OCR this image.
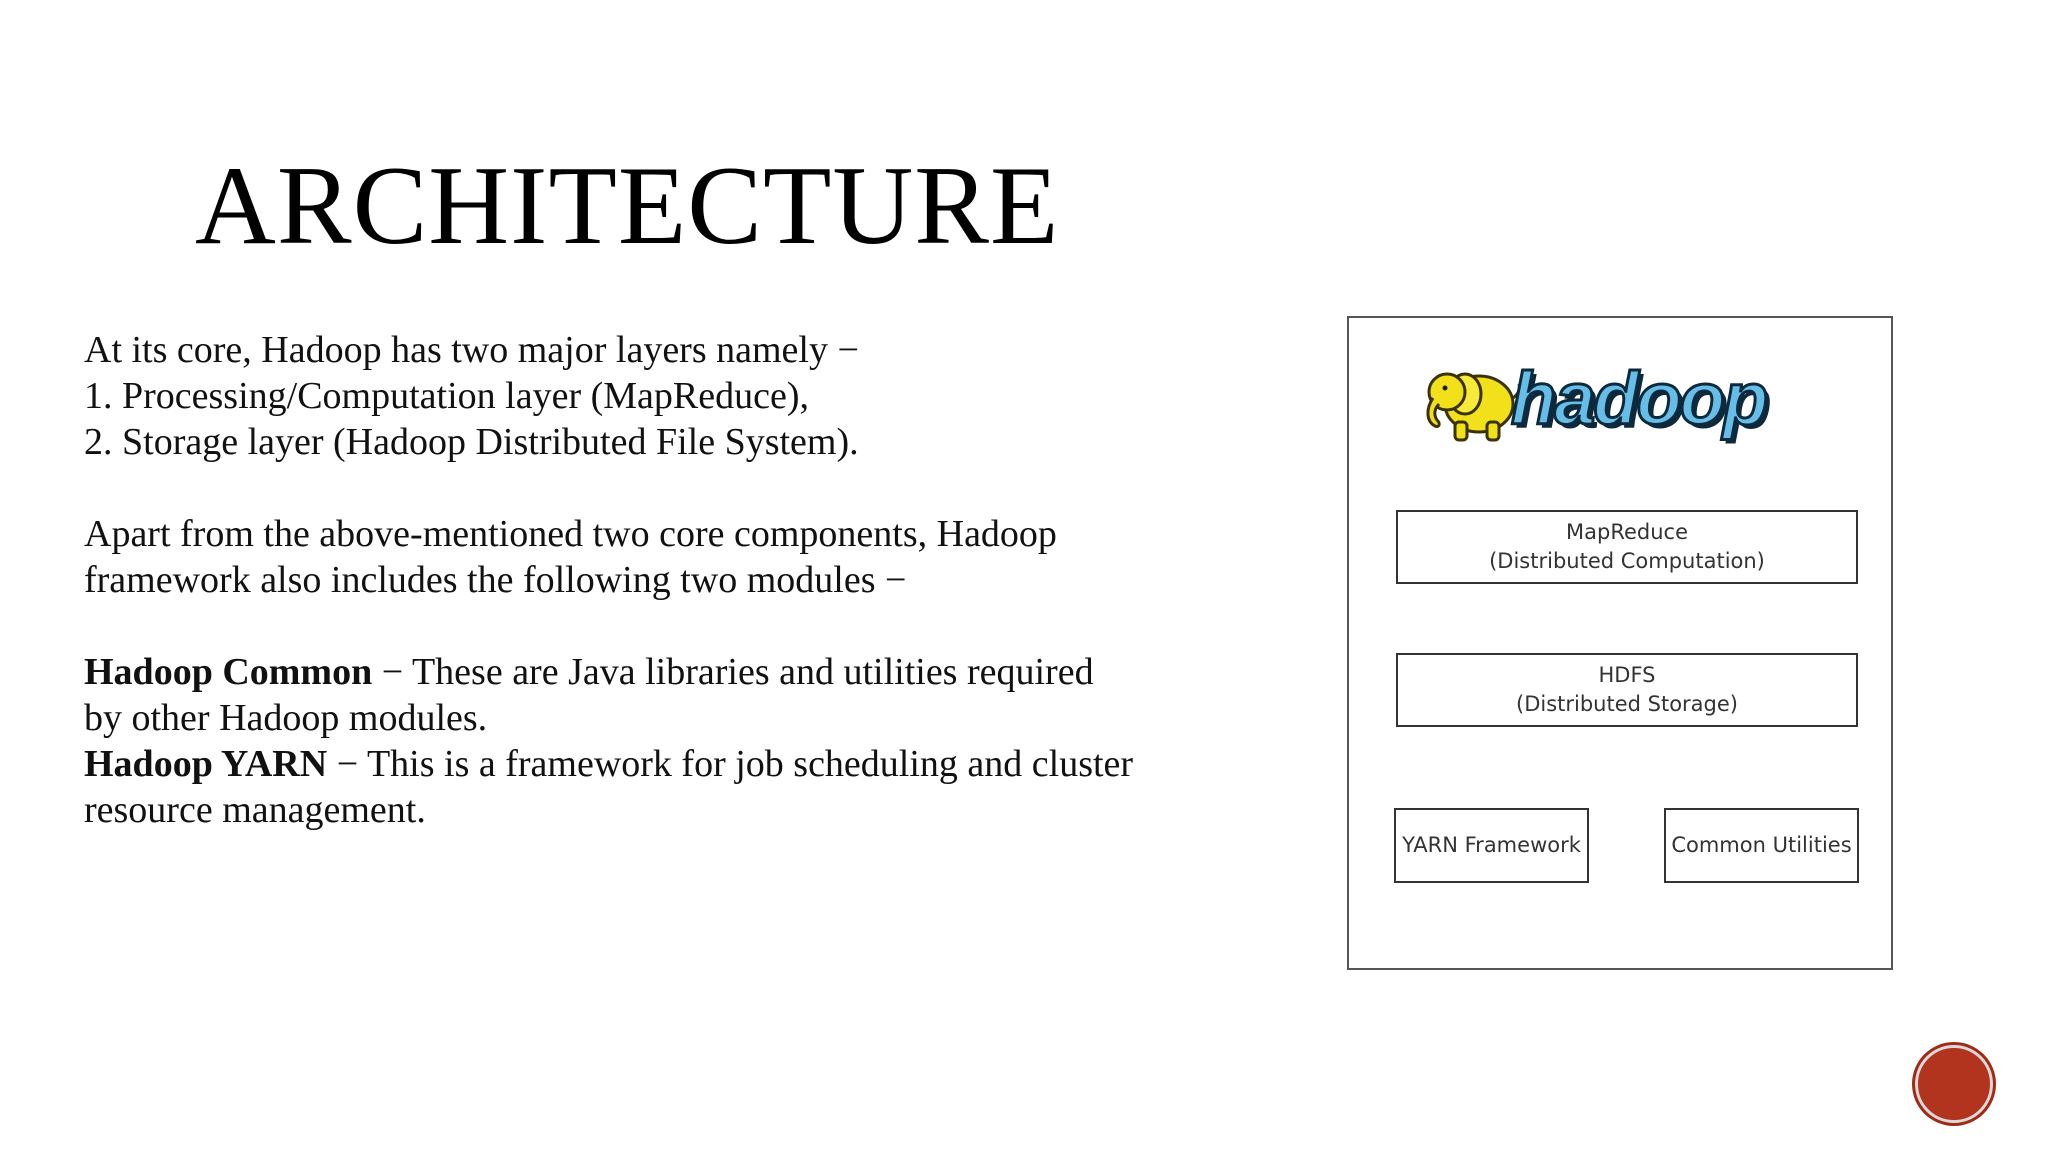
ARCHITECTURE

At its core, Hadoop has two major layers namely −

1. Processing/Computation layer (MapReduce),

2. Storage layer (Hadoop Distributed File System).

Apart from the above-mentioned two core components, Hadoop

framework also includes the following two modules −

Hadoop Common − These are Java libraries and utilities required

by other Hadoop modules.

Hadoop YARN − This is a framework for job scheduling and cluster

resource management.

hadoop
MapReduce
(Distributed Computation)
HDFS
(Distributed Storage)
YARN Framework	Common Utilities
